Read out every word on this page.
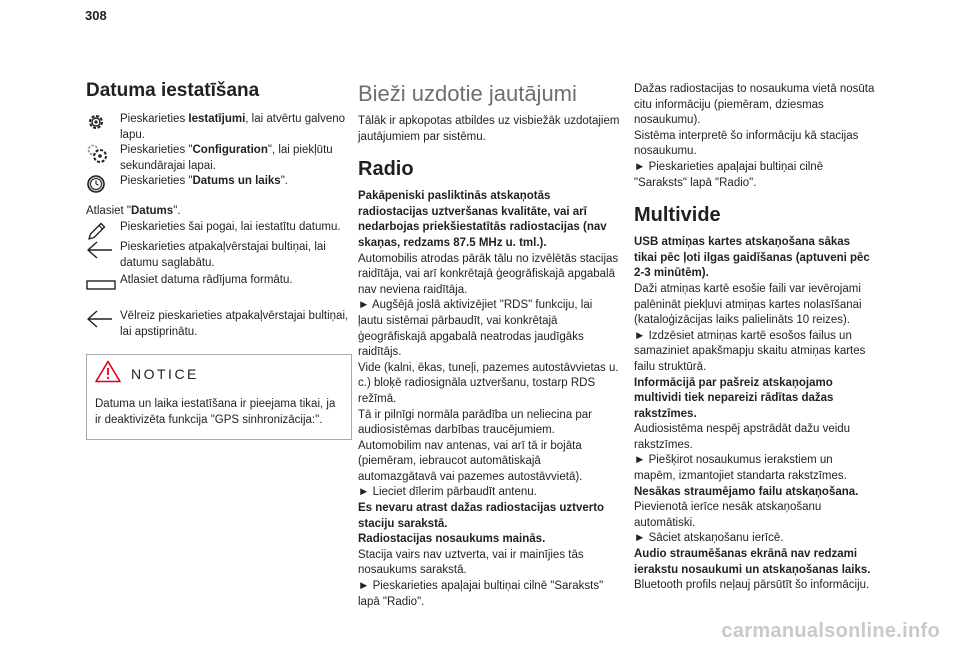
308
Datuma iestatīšana
Pieskarieties Iestatījumi, lai atvērtu galveno lapu.
Pieskarieties "Configuration", lai piekļūtu sekundārajai lapai.
Pieskarieties "Datums un laiks".

Atlasiet "Datums".

Pieskarieties šai pogai, lai iestatītu datumu.
Pieskarieties atpakaļvērstajai bultiņai, lai datumu saglabātu.
Atlasiet datuma rādījuma formātu.
Vēlreiz pieskarieties atpakaļvērstajai bultiņai, lai apstiprinātu.
NOTICE

Datuma un laika iestatīšana ir pieejama tikai, ja ir deaktivizēta funkcija "GPS sinhronizācija:".

Bieži uzdotie jautājumi

Tālāk ir apkopotas atbildes uz visbiežāk uzdotajiem jautājumiem par sistēmu.

Radio

Pakāpeniski pasliktinās atskaņotās radiostacijas uztveršanas kvalitāte, vai arī nedarbojas priekšiestatītās radiostacijas (nav skaņas, redzams 87.5 MHz u. tml.).

Automobilis atrodas pārāk tālu no izvēlētās stacijas raidītāja, vai arī konkrētajā ģeogrāfiskajā apgabalā nav neviena raidītāja.

► Augšējā joslā aktivizējiet "RDS" funkciju, lai ļautu sistēmai pārbaudīt, vai konkrētajā ģeogrāfiskajā apgabalā neatrodas jaudīgāks raidītājs.

Vide (kalni, ēkas, tuneļi, pazemes autostāvvietas u. c.) bloķē radiosignāla uztveršanu, tostarp RDS režīmā.

Tā ir pilnīgi normāla parādība un neliecina par audiosistēmas darbības traucējumiem.

Automobilim nav antenas, vai arī tā ir bojāta (piemēram, iebraucot automātiskajā automazgātavā vai pazemes autostāvvietā).

► Lieciet dīlerim pārbaudīt antenu.

Es nevaru atrast dažas radiostacijas uztverto staciju sarakstā.

Radiostacijas nosaukums mainās.

Stacija vairs nav uztverta, vai ir mainījies tās nosaukums sarakstā.

► Pieskarieties apaļajai bultiņai cilnē "Saraksts" lapā "Radio".

Dažas radiostacijas to nosaukuma vietā nosūta citu informāciju (piemēram, dziesmas nosaukumu).

Sistēma interpretē šo informāciju kā stacijas nosaukumu.

► Pieskarieties apaļajai bultiņai cilnē "Saraksts" lapā "Radio".

Multivide

USB atmiņas kartes atskaņošana sākas tikai pēc ļoti ilgas gaidīšanas (aptuveni pēc 2-3 minūtēm).

Daži atmiņas kartē esošie faili var ievērojami palēnināt piekļuvi atmiņas kartes nolasīšanai (kataloģizācijas laiks palielināts 10 reizes).

► Izdzēsiet atmiņas kartē esošos failus un samaziniet apakšmapju skaitu atmiņas kartes failu struktūrā.

Informācijā par pašreiz atskaņojamo multividi tiek nepareizi rādītas dažas rakstzīmes.

Audiosistēma nespēj apstrādāt dažu veidu rakstzīmes.

► Piešķirot nosaukumus ierakstiem un mapēm, izmantojiet standarta rakstzīmes.

Nesākas straumējamo failu atskaņošana.

Pievienotā ierīce nesāk atskaņošanu automātiski.

► Sāciet atskaņošanu ierīcē.

Audio straumēšanas ekrānā nav redzami ierakstu nosaukumi un atskaņošanas laiks.

Bluetooth profils neļauj pārsūtīt šo informāciju.

carmanualsonline.info
